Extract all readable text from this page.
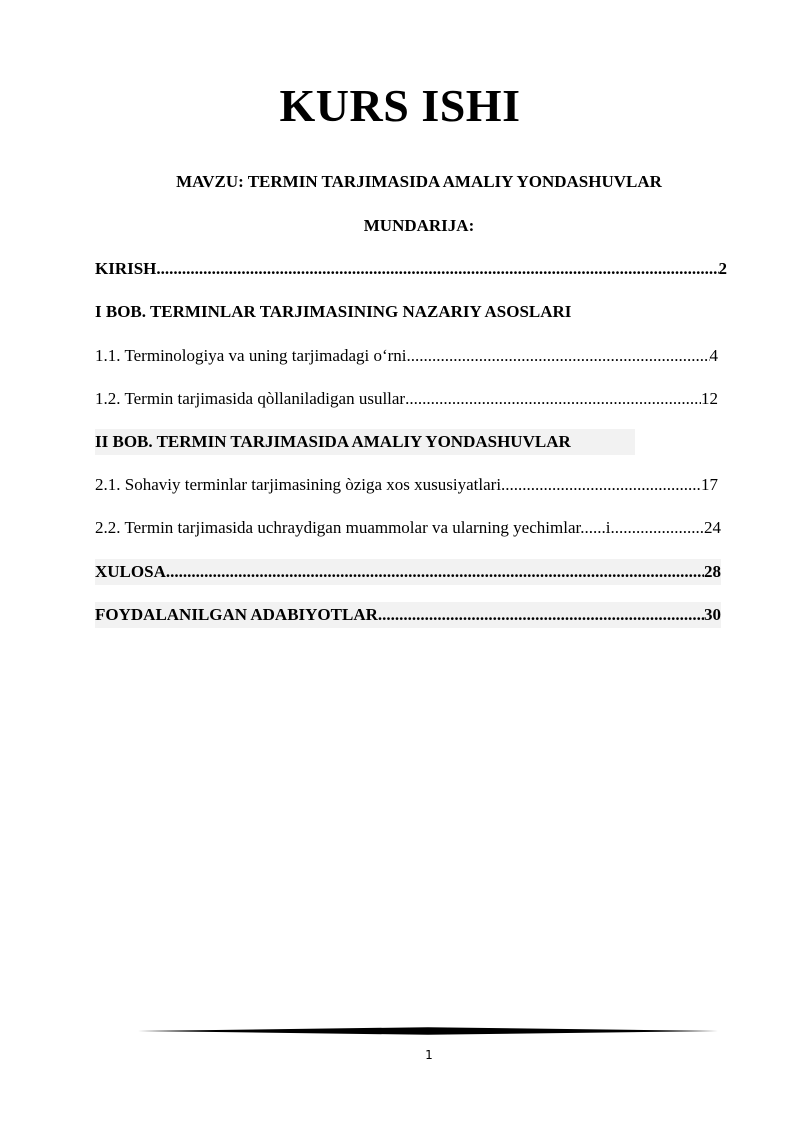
KURS ISHI
MAVZU: TERMIN TARJIMASIDA AMALIY YONDASHUVLAR
MUNDARIJA:
KIRISH .....	2
I BOB. TERMINLAR TARJIMASINING NAZARIY ASOSLARI
1.1. Terminologiya va uning tarjimadagi o‘rni .....	4
1.2. Termin tarjimasida qòllaniladigan usullar .....	12
II BOB. TERMIN TARJIMASIDA AMALIY YONDASHUVLAR
2.1. Sohaviy terminlar tarjimasining òziga xos xususiyatlari .....	17
2.2. Termin tarjimasida uchraydigan muammolar va ularning yechimlar......i .....	24
XULOSA .....	28
FOYDALANILGAN ADABIYOTLAR .....	30
1
